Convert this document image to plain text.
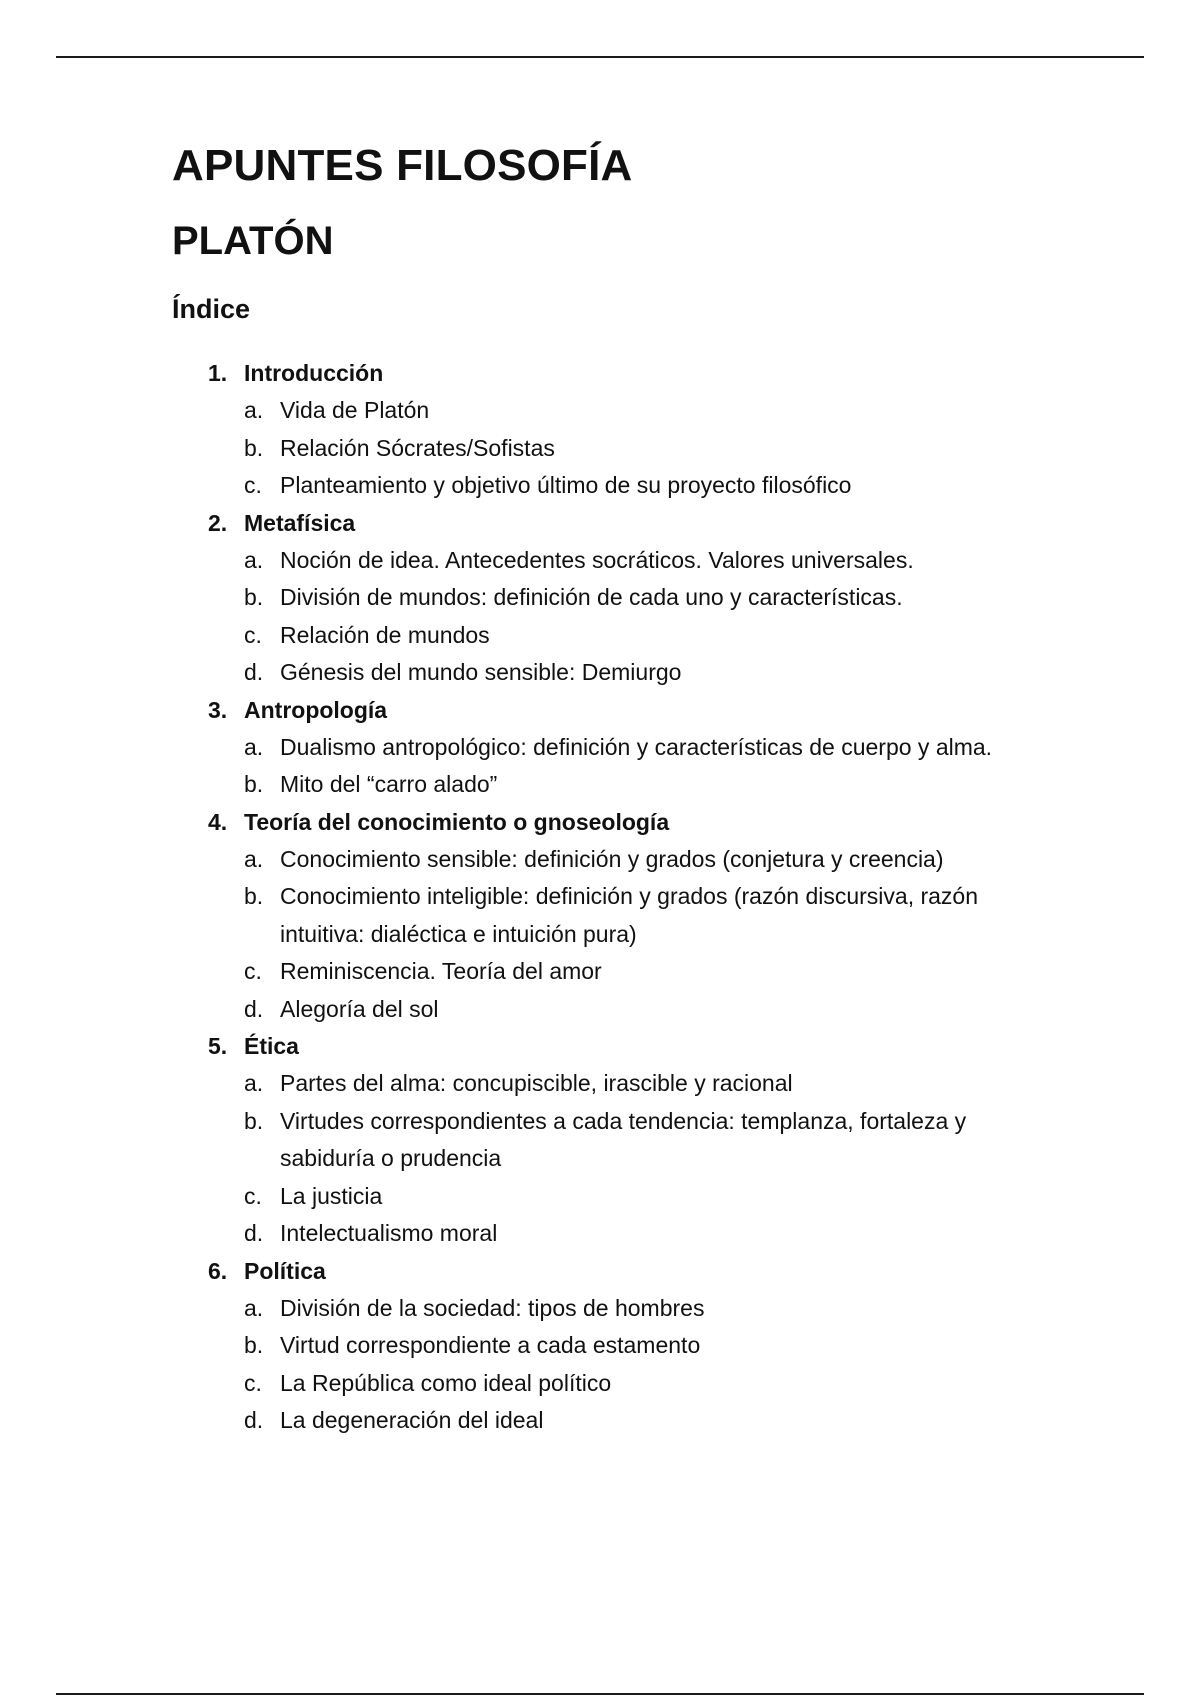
APUNTES FILOSOFÍA
PLATÓN
Índice
1. Introducción
a. Vida de Platón
b. Relación Sócrates/Sofistas
c. Planteamiento y objetivo último de su proyecto filosófico
2. Metafísica
a. Noción de idea. Antecedentes socráticos. Valores universales.
b. División de mundos: definición de cada uno y características.
c. Relación de mundos
d. Génesis del mundo sensible: Demiurgo
3. Antropología
a. Dualismo antropológico: definición y características de cuerpo y alma.
b. Mito del “carro alado”
4. Teoría del conocimiento o gnoseología
a. Conocimiento sensible: definición y grados (conjetura y creencia)
b. Conocimiento inteligible: definición y grados (razón discursiva, razón intuitiva: dialéctica e intuición pura)
c. Reminiscencia. Teoría del amor
d. Alegoría del sol
5. Ética
a. Partes del alma: concupiscible, irascible y racional
b. Virtudes correspondientes a cada tendencia: templanza, fortaleza y sabiduría o prudencia
c. La justicia
d. Intelectualismo moral
6. Política
a. División de la sociedad: tipos de hombres
b. Virtud correspondiente a cada estamento
c. La República como ideal político
d. La degeneración del ideal
